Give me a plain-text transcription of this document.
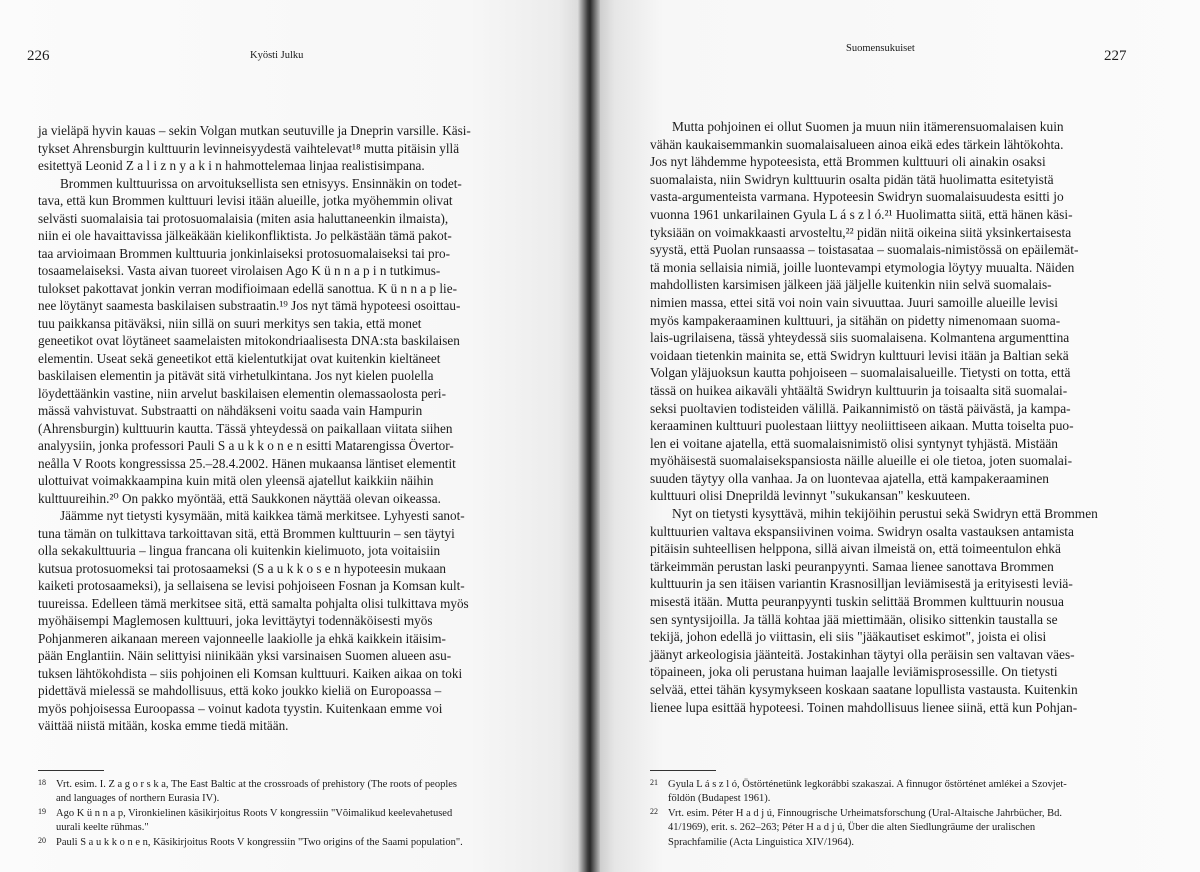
226	Kyösti Julku
ja vieläpä hyvin kauas – sekin Volgan mutkan seutuville ja Dneprin varsille. Käsi-
tykset Ahrensburgin kulttuurin levinneisyydestä vaihtelevat¹⁸ mutta pitäisin yllä
esitettyä Leonid Z a l i z n y a k i n hahmottelemaa linjaa realistisimpana.
Brommen kulttuurissa on arvoituksellista sen etnisyys. Ensinnäkin on todet-
tava, että kun Brommen kulttuuri levisi itään alueille, jotka myöhemmin olivat
selvästi suomalaisia tai protosuomalaisia (miten asia haluttaneenkin ilmaista),
niin ei ole havaittavissa jälkeäkään kielikonfliktista. Jo pelkästään tämä pakot-
taa arvioimaan Brommen kulttuuria jonkinlaiseksi protosuomalaiseksi tai pro-
tosaamelaiseksi. Vasta aivan tuoreet virolaisen Ago K ü n n a p i n tutkimus-
tulokset pakottavat jonkin verran modifioimaan edellä sanottua. K ü n n a p lie-
nee löytänyt saamesta baskilaisen substraatin.¹⁹ Jos nyt tämä hypoteesi osoittau-
tuu paikkansa pitäväksi, niin sillä on suuri merkitys sen takia, että monet
geneetikot ovat löytäneet saamelaisten mitokondriaalisesta DNA:sta baskilaisen
elementin. Useat sekä geneetikot että kielentutkijat ovat kuitenkin kieltäneet
baskilaisen elementin ja pitävät sitä virhetulkintana. Jos nyt kielen puolella
löydettäänkin vastine, niin arvelut baskilaisen elementin olemassaolosta peri-
mässä vahvistuvat. Substraatti on nähdäkseni voitu saada vain Hampurin
(Ahrensburgin) kulttuurin kautta. Tässä yhteydessä on paikallaan viitata siihen
analyysiin, jonka professori Pauli S a u k k o n e n esitti Matarengissa Övertor-
neålla V Roots kongressissa 25.–28.4.2002. Hänen mukaansa läntiset elementit
ulottuivat voimakkaampina kuin mitä olen yleensä ajatellut kaikkiin näihin
kulttuureihin.²⁰ On pakko myöntää, että Saukkonen näyttää olevan oikeassa.
Jäämme nyt tietysti kysymään, mitä kaikkea tämä merkitsee. Lyhyesti sanot-
tuna tämän on tulkittava tarkoittavan sitä, että Brommen kulttuurin – sen täytyi
olla sekakulttuuria – lingua francana oli kuitenkin kielimuoto, jota voitaisiin
kutsua protosuomeksi tai protosaameksi (S a u k k o s e n hypoteesin mukaan
kaiketi protosaameksi), ja sellaisena se levisi pohjoiseen Fosnan ja Komsan kult-
tuureissa. Edelleen tämä merkitsee sitä, että samalta pohjalta olisi tulkittava myös
myöhäisempi Maglemosen kulttuuri, joka levittäytyi todennäköisesti myös
Pohjanmeren aikanaan mereen vajonneelle laakiolle ja ehkä kaikkein itäisim-
pään Englantiin. Näin selittyisi niinikään yksi varsinaisen Suomen alueen asu-
tuksen lähtökohdista – siis pohjoinen eli Komsan kulttuuri. Kaiken aikaa on toki
pidettävä mielessä se mahdollisuus, että koko joukko kieliä on Europoassa –
myös pohjoisessa Euroopassa – voinut kadota tyystin. Kuitenkaan emme voi
väittää niistä mitään, koska emme tiedä mitään.
18 Vrt. esim. I. Z a g o r s k a, The East Baltic at the crossroads of prehistory (The roots of peoples
and languages of northern Eurasia IV).
19 Ago K ü n n a p, Vironkielinen käsikirjoitus Roots V kongressiin "Võimalikud keelevahetused
uurali keelte rühmas."
20 Pauli S a u k k o n e n, Käsikirjoitus Roots V kongressiin "Two origins of the Saami population".
Suomensukuiset	227
Mutta pohjoinen ei ollut Suomen ja muun niin itämerensuomalaisen kuin
vähän kaukaisemmankin suomalaisalueen ainoa eikä edes tärkein lähtökohta.
Jos nyt lähdemme hypoteesista, että Brommen kulttuuri oli ainakin osaksi
suomalaista, niin Swidryn kulttuurin osalta pidän tätä huolimatta esitetyistä
vasta-argumenteista varmana. Hypoteesin Swidryn suomalaisuudesta esitti jo
vuonna 1961 unkarilainen Gyula L á s z l ó.²¹ Huolimatta siitä, että hänen käsi-
tyksiään on voimakkaasti arvosteltu,²² pidän niitä oikeina siitä yksinkertaisesta
syystä, että Puolan runsaassa – toistasataa – suomalais-nimistössä on epäilemät-
tä monia sellaisia nimiä, joille luontevampi etymologia löytyy muualta. Näiden
mahdollisten karsimisen jälkeen jää jäljelle kuitenkin niin selvä suomalais-
nimien massa, ettei sitä voi noin vain sivuuttaa. Juuri samoille alueille levisi
myös kampakeraaminen kulttuuri, ja sitähän on pidetty nimenomaan suoma-
lais-ugrilaisena, tässä yhteydessä siis suomalaisena. Kolmantena argumenttina
voidaan tietenkin mainita se, että Swidryn kulttuuri levisi itään ja Baltian sekä
Volgan yläjuoksun kautta pohjoiseen – suomalaisalueille. Tietysti on totta, että
tässä on huikea aikaväli yhtäältä Swidryn kulttuurin ja toisaalta sitä suomalai-
seksi puoltavien todisteiden välillä. Paikannimistö on tästä päivästä, ja kampa-
keraaminen kulttuuri puolestaan liittyy neoliittiseen aikaan. Mutta toiselta puo-
len ei voitane ajatella, että suomalaisnimistö olisi syntynyt tyhjästä. Mistään
myöhäisestä suomalaisekspansiosta näille alueille ei ole tietoa, joten suomalai-
suuden täytyy olla vanhaa. Ja on luontevaa ajatella, että kampakeraaminen
kulttuuri olisi Dneprildä levinnyt "sukukansan" keskuuteen.
Nyt on tietysti kysyttävä, mihin tekijöihin perustui sekä Swidryn että Brommen
kulttuurien valtava ekspansiivinen voima. Swidryn osalta vastauksen antamista
pitäisin suhteellisen helppona, sillä aivan ilmeistä on, että toimeentulon ehkä
tärkeimmän perustan laski peuranpyynti. Samaa lienee sanottava Brommen
kulttuurin ja sen itäisen variantin Krasnosilljan leviämisestä ja erityisesti leviä-
misestä itään. Mutta peuranpyynti tuskin selittää Brommen kulttuurin nousua
sen syntysijoilla. Ja tällä kohtaa jää miettimään, olisiko sittenkin taustalla se
tekijä, johon edellä jo viittasin, eli siis "jääkautiset eskimot", joista ei olisi
jäänyt arkeologisia jäänteitä. Jostakinhan täytyi olla peräisin sen valtavan väes-
töpaineen, joka oli perustana huiman laajalle leviämisprosessille. On tietysti
selvää, ettei tähän kysymykseen koskaan saatane lopullista vastausta. Kuitenkin
lienee lupa esittää hypoteesi. Toinen mahdollisuus lienee siinä, että kun Pohjan-
21 Gyula L á s z l ó, Östörténetünk legkorábbi szakaszai. A finnugor őstörténet amlékei a Szovjet-
földön (Budapest 1961).
22 Vrt. esim. Péter H a d j ú, Finnougrische Urheimatsforschung (Ural-Altaische Jahrbücher, Bd.
41/1969), erit. s. 262–263; Péter H a d j ú, Über die alten Siedlungräume der uralischen
Sprachfamilie (Acta Linguistica XIV/1964).
